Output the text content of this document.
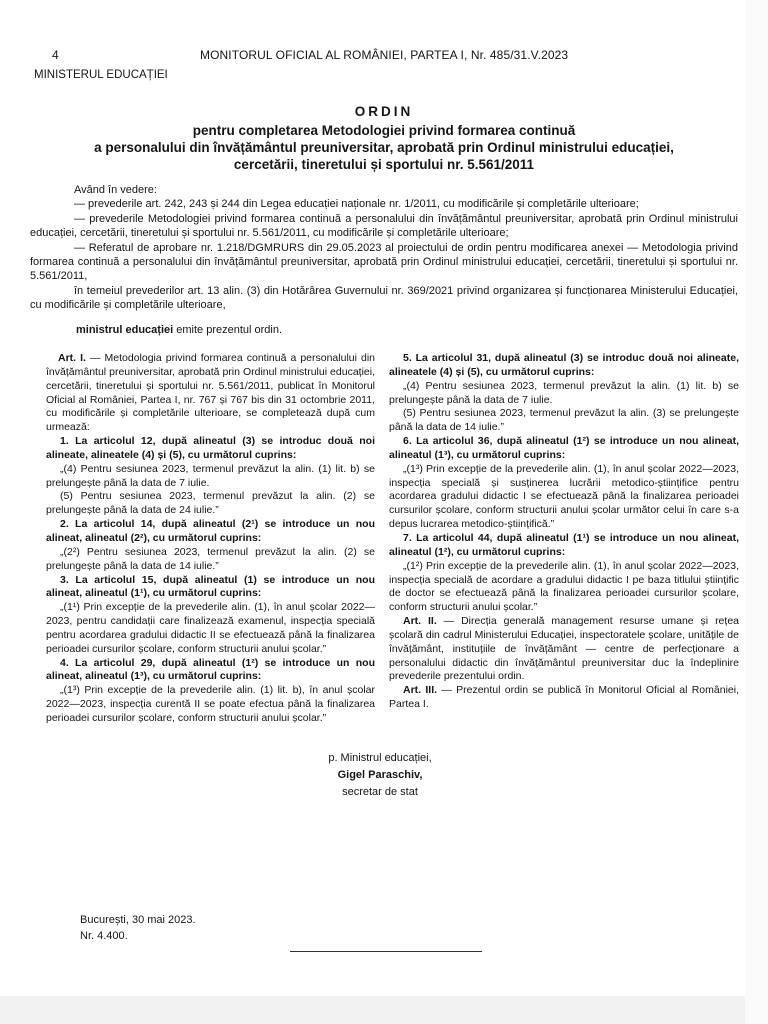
4	MONITORUL OFICIAL AL ROMÂNIEI, PARTEA I, Nr. 485/31.V.2023
MINISTERUL EDUCAȚIEI
ORDIN
pentru completarea Metodologiei privind formarea continuă
a personalului din învățământul preuniversitar, aprobată prin Ordinul ministrului educației,
cercetării, tineretului și sportului nr. 5.561/2011

Având în vedere:

— prevederile art. 242, 243 și 244 din Legea educației naționale nr. 1/2011, cu modificările și completările ulterioare;

— prevederile Metodologiei privind formarea continuă a personalului din învățământul preuniversitar, aprobată prin Ordinul ministrului educației, cercetării, tineretului și sportului nr. 5.561/2011, cu modificările și completările ulterioare;

— Referatul de aprobare nr. 1.218/DGMRURS din 29.05.2023 al proiectului de ordin pentru modificarea anexei — Metodologia privind formarea continuă a personalului din învățământul preuniversitar, aprobată prin Ordinul ministrului educației, cercetării, tineretului și sportului nr. 5.561/2011,

în temeiul prevederilor art. 13 alin. (3) din Hotărârea Guvernului nr. 369/2021 privind organizarea și funcționarea Ministerului Educației, cu modificările și completările ulterioare,

ministrul educației emite prezentul ordin.

Art. I. — Metodologia privind formarea continuă a personalului din învățământul preuniversitar, aprobată prin Ordinul ministrului educației, cercetării, tineretului și sportului nr. 5.561/2011, publicat în Monitorul Oficial al României, Partea I, nr. 767 și 767 bis din 31 octombrie 2011, cu modificările și completările ulterioare, se completează după cum urmează:

1. La articolul 12, după alineatul (3) se introduc două noi alineate, alineatele (4) și (5), cu următorul cuprins:

„(4) Pentru sesiunea 2023, termenul prevăzut la alin. (1) lit. b) se prelungește până la data de 7 iulie.

(5) Pentru sesiunea 2023, termenul prevăzut la alin. (2) se prelungește până la data de 24 iulie.”

2. La articolul 14, după alineatul (2¹) se introduce un nou alineat, alineatul (2²), cu următorul cuprins:

„(2²) Pentru sesiunea 2023, termenul prevăzut la alin. (2) se prelungește până la data de 14 iulie.”

3. La articolul 15, după alineatul (1) se introduce un nou alineat, alineatul (1¹), cu următorul cuprins:

„(1¹) Prin excepție de la prevederile alin. (1), în anul școlar 2022—2023, pentru candidații care finalizează examenul, inspecția specială pentru acordarea gradului didactic II se efectuează până la finalizarea perioadei cursurilor școlare, conform structurii anului școlar.”

4. La articolul 29, după alineatul (1²) se introduce un nou alineat, alineatul (1³), cu următorul cuprins:

„(1³) Prin excepție de la prevederile alin. (1) lit. b), în anul școlar 2022—2023, inspecția curentă II se poate efectua până la finalizarea perioadei cursurilor școlare, conform structurii anului școlar.”

5. La articolul 31, după alineatul (3) se introduc două noi alineate, alineatele (4) și (5), cu următorul cuprins:

„(4) Pentru sesiunea 2023, termenul prevăzut la alin. (1) lit. b) se prelungește până la data de 7 iulie.

(5) Pentru sesiunea 2023, termenul prevăzut la alin. (3) se prelungește până la data de 14 iulie.”

6. La articolul 36, după alineatul (1²) se introduce un nou alineat, alineatul (1³), cu următorul cuprins:

„(1³) Prin excepție de la prevederile alin. (1), în anul școlar 2022—2023, inspecția specială și susținerea lucrării metodico-științifice pentru acordarea gradului didactic I se efectuează până la finalizarea perioadei cursurilor școlare, conform structurii anului școlar următor celui în care s-a depus lucrarea metodico-științifică.”

7. La articolul 44, după alineatul (1¹) se introduce un nou alineat, alineatul (1²), cu următorul cuprins:

„(1²) Prin excepție de la prevederile alin. (1), în anul școlar 2022—2023, inspecția specială de acordare a gradului didactic I pe baza titlului științific de doctor se efectuează până la finalizarea perioadei cursurilor școlare, conform structurii anului școlar.”

Art. II. — Direcția generală management resurse umane și rețea școlară din cadrul Ministerului Educației, inspectoratele școlare, unitățile de învățământ, instituțiile de învățământ — centre de perfecționare a personalului didactic din învățământul preuniversitar duc la îndeplinire prevederile prezentului ordin.

Art. III. — Prezentul ordin se publică în Monitorul Oficial al României, Partea I.

p. Ministrul educației,
Gigel Paraschiv,
secretar de stat
București, 30 mai 2023.
Nr. 4.400.
